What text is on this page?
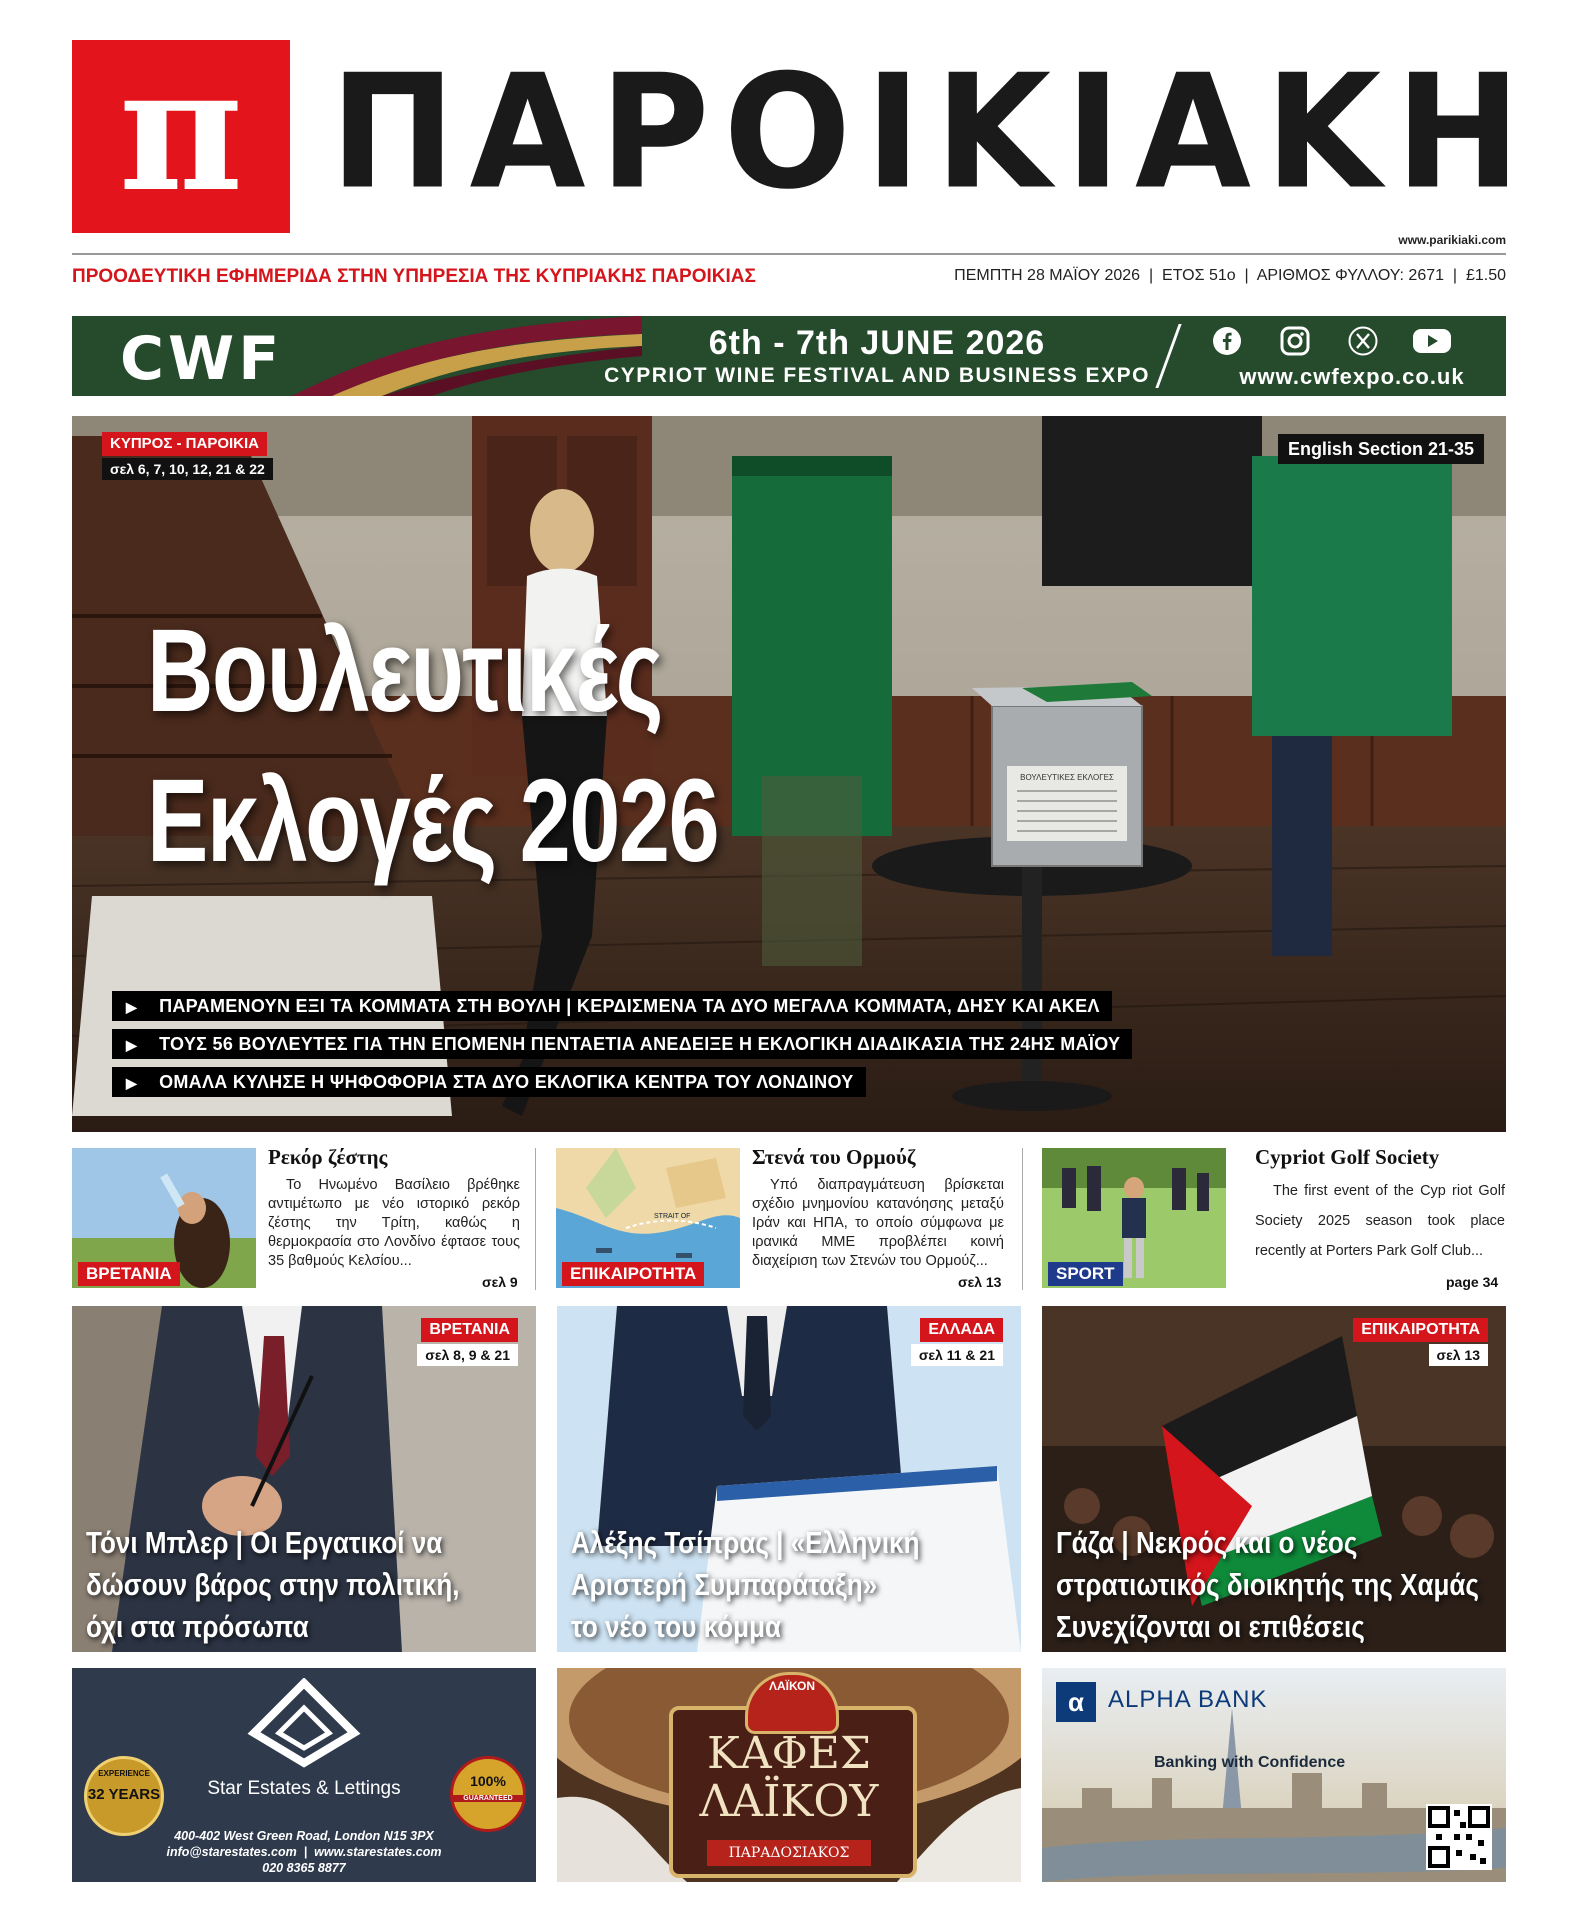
π ΠΑΡΟΙΚΙΑΚΗ
www.parikiaki.com
ΠΡΟΟΔΕΥΤΙΚΗ ΕΦΗΜΕΡΙΔΑ ΣΤΗΝ ΥΠΗΡΕΣΙΑ ΤΗΣ ΚΥΠΡΙΑΚΗΣ ΠΑΡΟΙΚΙΑΣ	ΠΕΜΠΤΗ 28 ΜΑΪΟΥ 2026  |  ΕΤΟΣ 51ο  |  ΑΡΙΘΜΟΣ ΦΥΛΛΟΥ: 2671  |  £1.50
CWF	6th - 7th JUNE 2026
CYPRIOT WINE FESTIVAL AND BUSINESS EXPO	www.cwfexpo.co.uk
ΒΟΥΛΕΥΤΙΚΕΣ ΕΚΛΟΓΕΣ
ΚΥΠΡΟΣ - ΠΑΡΟΙΚΙΑ
σελ 6, 7, 10, 12, 21 & 22
English Section 21-35
Βουλευτικές
Εκλογές 2026
▶ ΠΑΡΑΜΕΝΟΥΝ ΕΞΙ ΤΑ ΚΟΜΜΑΤΑ ΣΤΗ ΒΟΥΛΗ | ΚΕΡΔΙΣΜΕΝΑ ΤΑ ΔΥΟ ΜΕΓΑΛΑ ΚΟΜΜΑΤΑ, ΔΗΣΥ ΚΑΙ ΑΚΕΛ
▶ ΤΟΥΣ 56 ΒΟΥΛΕΥΤΕΣ ΓΙΑ ΤΗΝ ΕΠΟΜΕΝΗ ΠΕΝΤΑΕΤΙΑ ΑΝΕΔΕΙΞΕ Η ΕΚΛΟΓΙΚΗ ΔΙΑΔΙΚΑΣΙΑ ΤΗΣ 24ΗΣ ΜΑΪΟΥ
▶ ΟΜΑΛΑ ΚΥΛΗΣΕ Η ΨΗΦΟΦΟΡΙΑ ΣΤΑ ΔΥΟ ΕΚΛΟΓΙΚΑ ΚΕΝΤΡΑ ΤΟΥ ΛΟΝΔΙΝΟΥ
ΒΡΕΤΑΝΙΑ
Ρεκόρ ζέστης
Το Ηνωμένο Βασίλειο βρέθηκε αντιμέτωπο με νέο ιστορικό ρεκόρ ζέστης την Τρίτη, καθώς η θερμοκρασία στο Λονδίνο έφτασε τους 35 βαθμούς Κελσίου...
σελ 9
STRAIT OF
ΕΠΙΚΑΙΡΟΤΗΤΑ
Στενά του Ορμούζ
Υπό διαπραγμάτευση βρίσκεται σχέδιο μνημονίου κατανόησης μεταξύ Ιράν και ΗΠΑ, το οποίο σύμφωνα με ιρανικά ΜΜΕ προβλέπει κοινή διαχείριση των Στενών του Ορμούζ...
σελ 13	SPORT
Cypriot Golf Society
The first event of the Cyp riot Golf Society 2025 season took place recently at Porters Park Golf Club...
page 34
ΒΡΕΤΑΝΙΑ
σελ 8, 9 & 21
Τόνι Μπλερ | Οι Εργατικοί να
δώσουν βάρος στην πολιτική,
όχι στα πρόσωπα
ΕΛΛΑΔΑ
σελ 11 & 21
Αλέξης Τσίπρας | «Ελληνική
Αριστερή Συμπαράταξη»
το νέο του κόμμα
ΕΠΙΚΑΙΡΟΤΗΤΑ
σελ 13
Γάζα | Νεκρός και ο νέος
στρατιωτικός διοικητής της Χαμάς
Συνεχίζονται οι επιθέσεις
Star Estates & Lettings
EXPERIENCE
32 YEARS
100%
GUARANTEED
400-402 West Green Road, London N15 3PX
info@starestates.com  |  www.starestates.com
020 8365 8877
ΛΑΪΚΟΝ
ΚΑΦΕΣ
ΛΑΪΚΟΥ
ΠΑΡΑΔΟΣΙΑΚΟΣ
α	ALPHA BANK
Banking with Confidence
